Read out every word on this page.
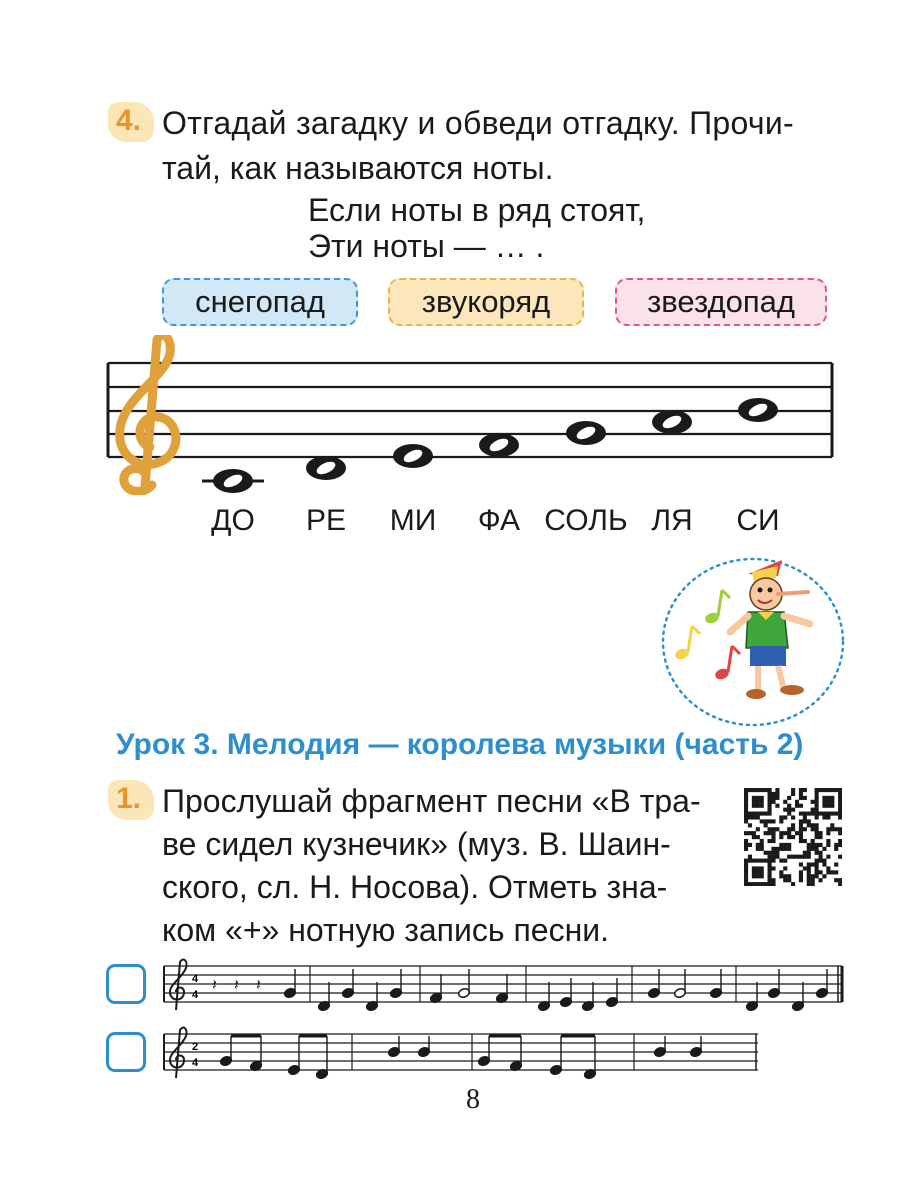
4. Отгадай загадку и обведи отгадку. Прочи-
тай, как называются ноты.
Если ноты в ряд стоят,
Эти ноты — … .
снегопад	звукоряд	звездопад
ДО	РЕ	МИ	ФА СОЛЬ ЛЯ	СИ
Урок 3. Мелодия — королева музыки (часть 2)
1. Прослушай фрагмент песни «В тра-
ве сидел кузнечик» (муз. В. Шаин-
ского, сл. Н. Носова). Отметь зна-
ком «+» нотную запись песни.
4
4
𝄽 𝄽 𝄽
2
4
8
